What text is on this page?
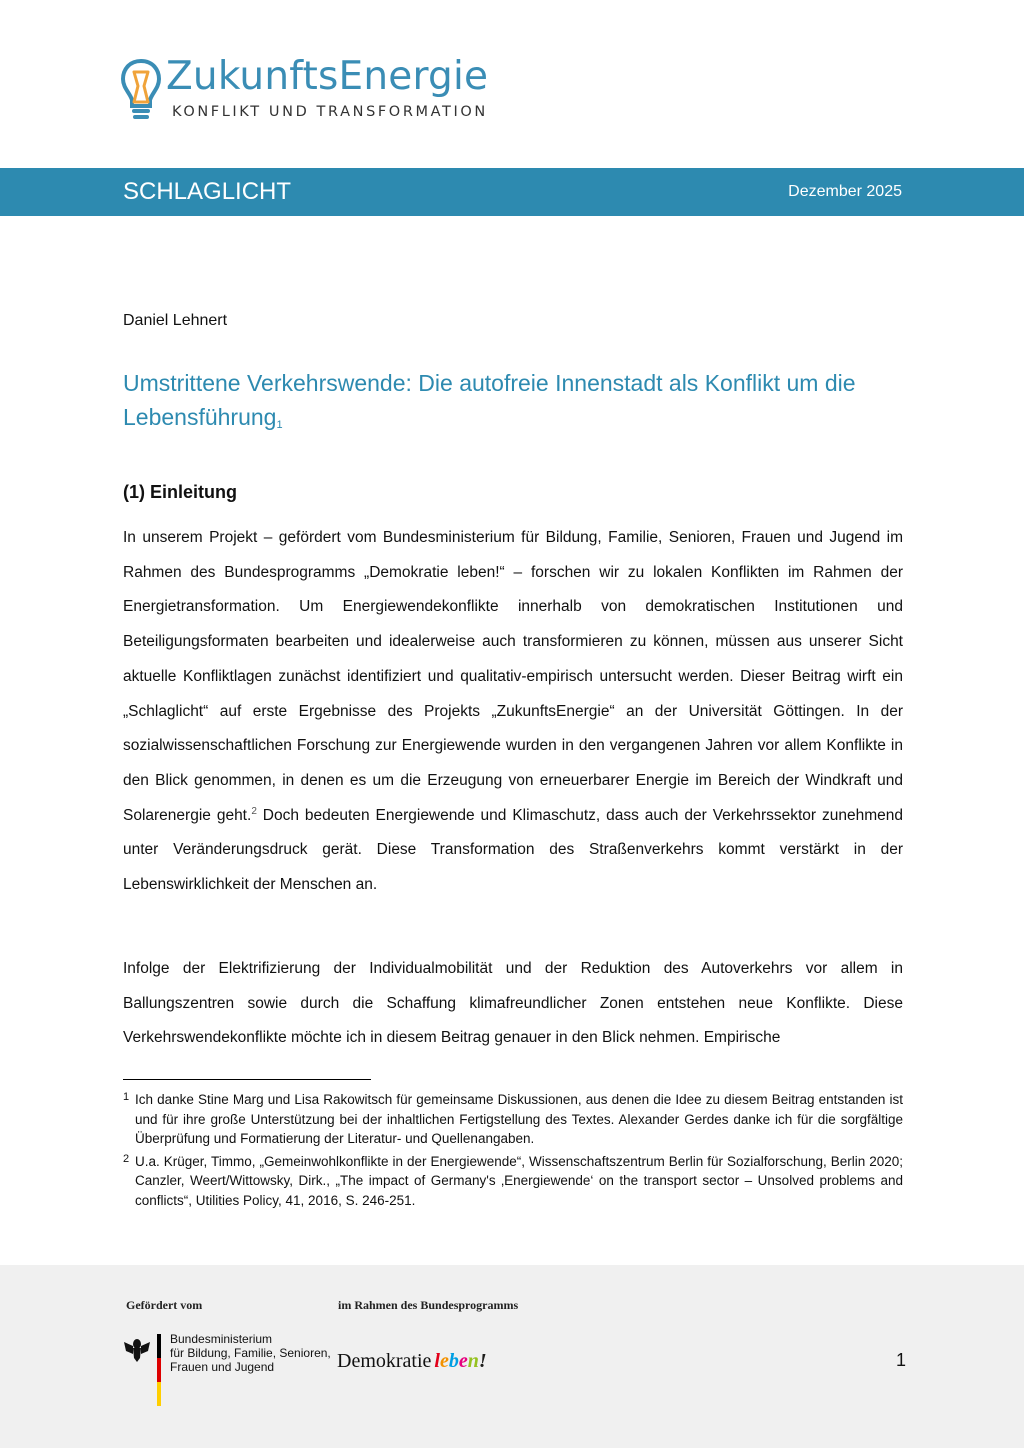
ZukunftsEnergie
KONFLIKT UND TRANSFORMATION
SCHLAGLICHT	Dezember 2025
Daniel Lehnert
Umstrittene Verkehrswende: Die autofreie Innenstadt als Konflikt um die Lebensführung$^1$
(1) Einleitung
In unserem Projekt – gefördert vom Bundesministerium für Bildung, Familie, Senioren, Frauen und Jugend im Rahmen des Bundesprogramms „Demokratie leben!“ – forschen wir zu lokalen Konflikten im Rahmen der Energietransformation. Um Energiewendekonflikte innerhalb von demokratischen Institutionen und Beteiligungsformaten bearbeiten und idealerweise auch transformieren zu können, müssen aus unserer Sicht aktuelle Konfliktlagen zunächst identifiziert und qualitativ-empirisch untersucht werden. Dieser Beitrag wirft ein „Schlaglicht“ auf erste Ergebnisse des Projekts „ZukunftsEnergie“ an der Universität Göttingen. In der sozialwissenschaftlichen Forschung zur Energiewende wurden in den vergangenen Jahren vor allem Konflikte in den Blick genommen, in denen es um die Erzeugung von erneuerbarer Energie im Bereich der Windkraft und Solarenergie geht.$^2$ Doch bedeuten Energiewende und Klimaschutz, dass auch der Verkehrssektor zunehmend unter Veränderungsdruck gerät. Diese Transformation des Straßenverkehrs kommt verstärkt in der Lebenswirklichkeit der Menschen an.
Infolge der Elektrifizierung der Individualmobilität und der Reduktion des Autoverkehrs vor allem in Ballungszentren sowie durch die Schaffung klimafreundlicher Zonen entstehen neue Konflikte. Diese Verkehrswendekonflikte möchte ich in diesem Beitrag genauer in den Blick nehmen. Empirische
1 Ich danke Stine Marg und Lisa Rakowitsch für gemeinsame Diskussionen, aus denen die Idee zu diesem Beitrag entstanden ist und für ihre große Unterstützung bei der inhaltlichen Fertigstellung des Textes. Alexander Gerdes danke ich für die sorgfältige Überprüfung und Formatierung der Literatur- und Quellenangaben.
2 U.a. Krüger, Timmo, „Gemeinwohlkonflikte in der Energiewende“, Wissenschaftszentrum Berlin für Sozialforschung, Berlin 2020; Canzler, Weert/Wittowsky, Dirk., „The impact of Germany's ‚Energiewende‘ on the transport sector – Unsolved problems and conflicts“, Utilities Policy, 41, 2016, S. 246-251.
Gefördert vom	im Rahmen des Bundesprogramms
Bundesministerium
für Bildung, Familie, Senioren,
Frauen und Jugend	Demokratie leben!	1
